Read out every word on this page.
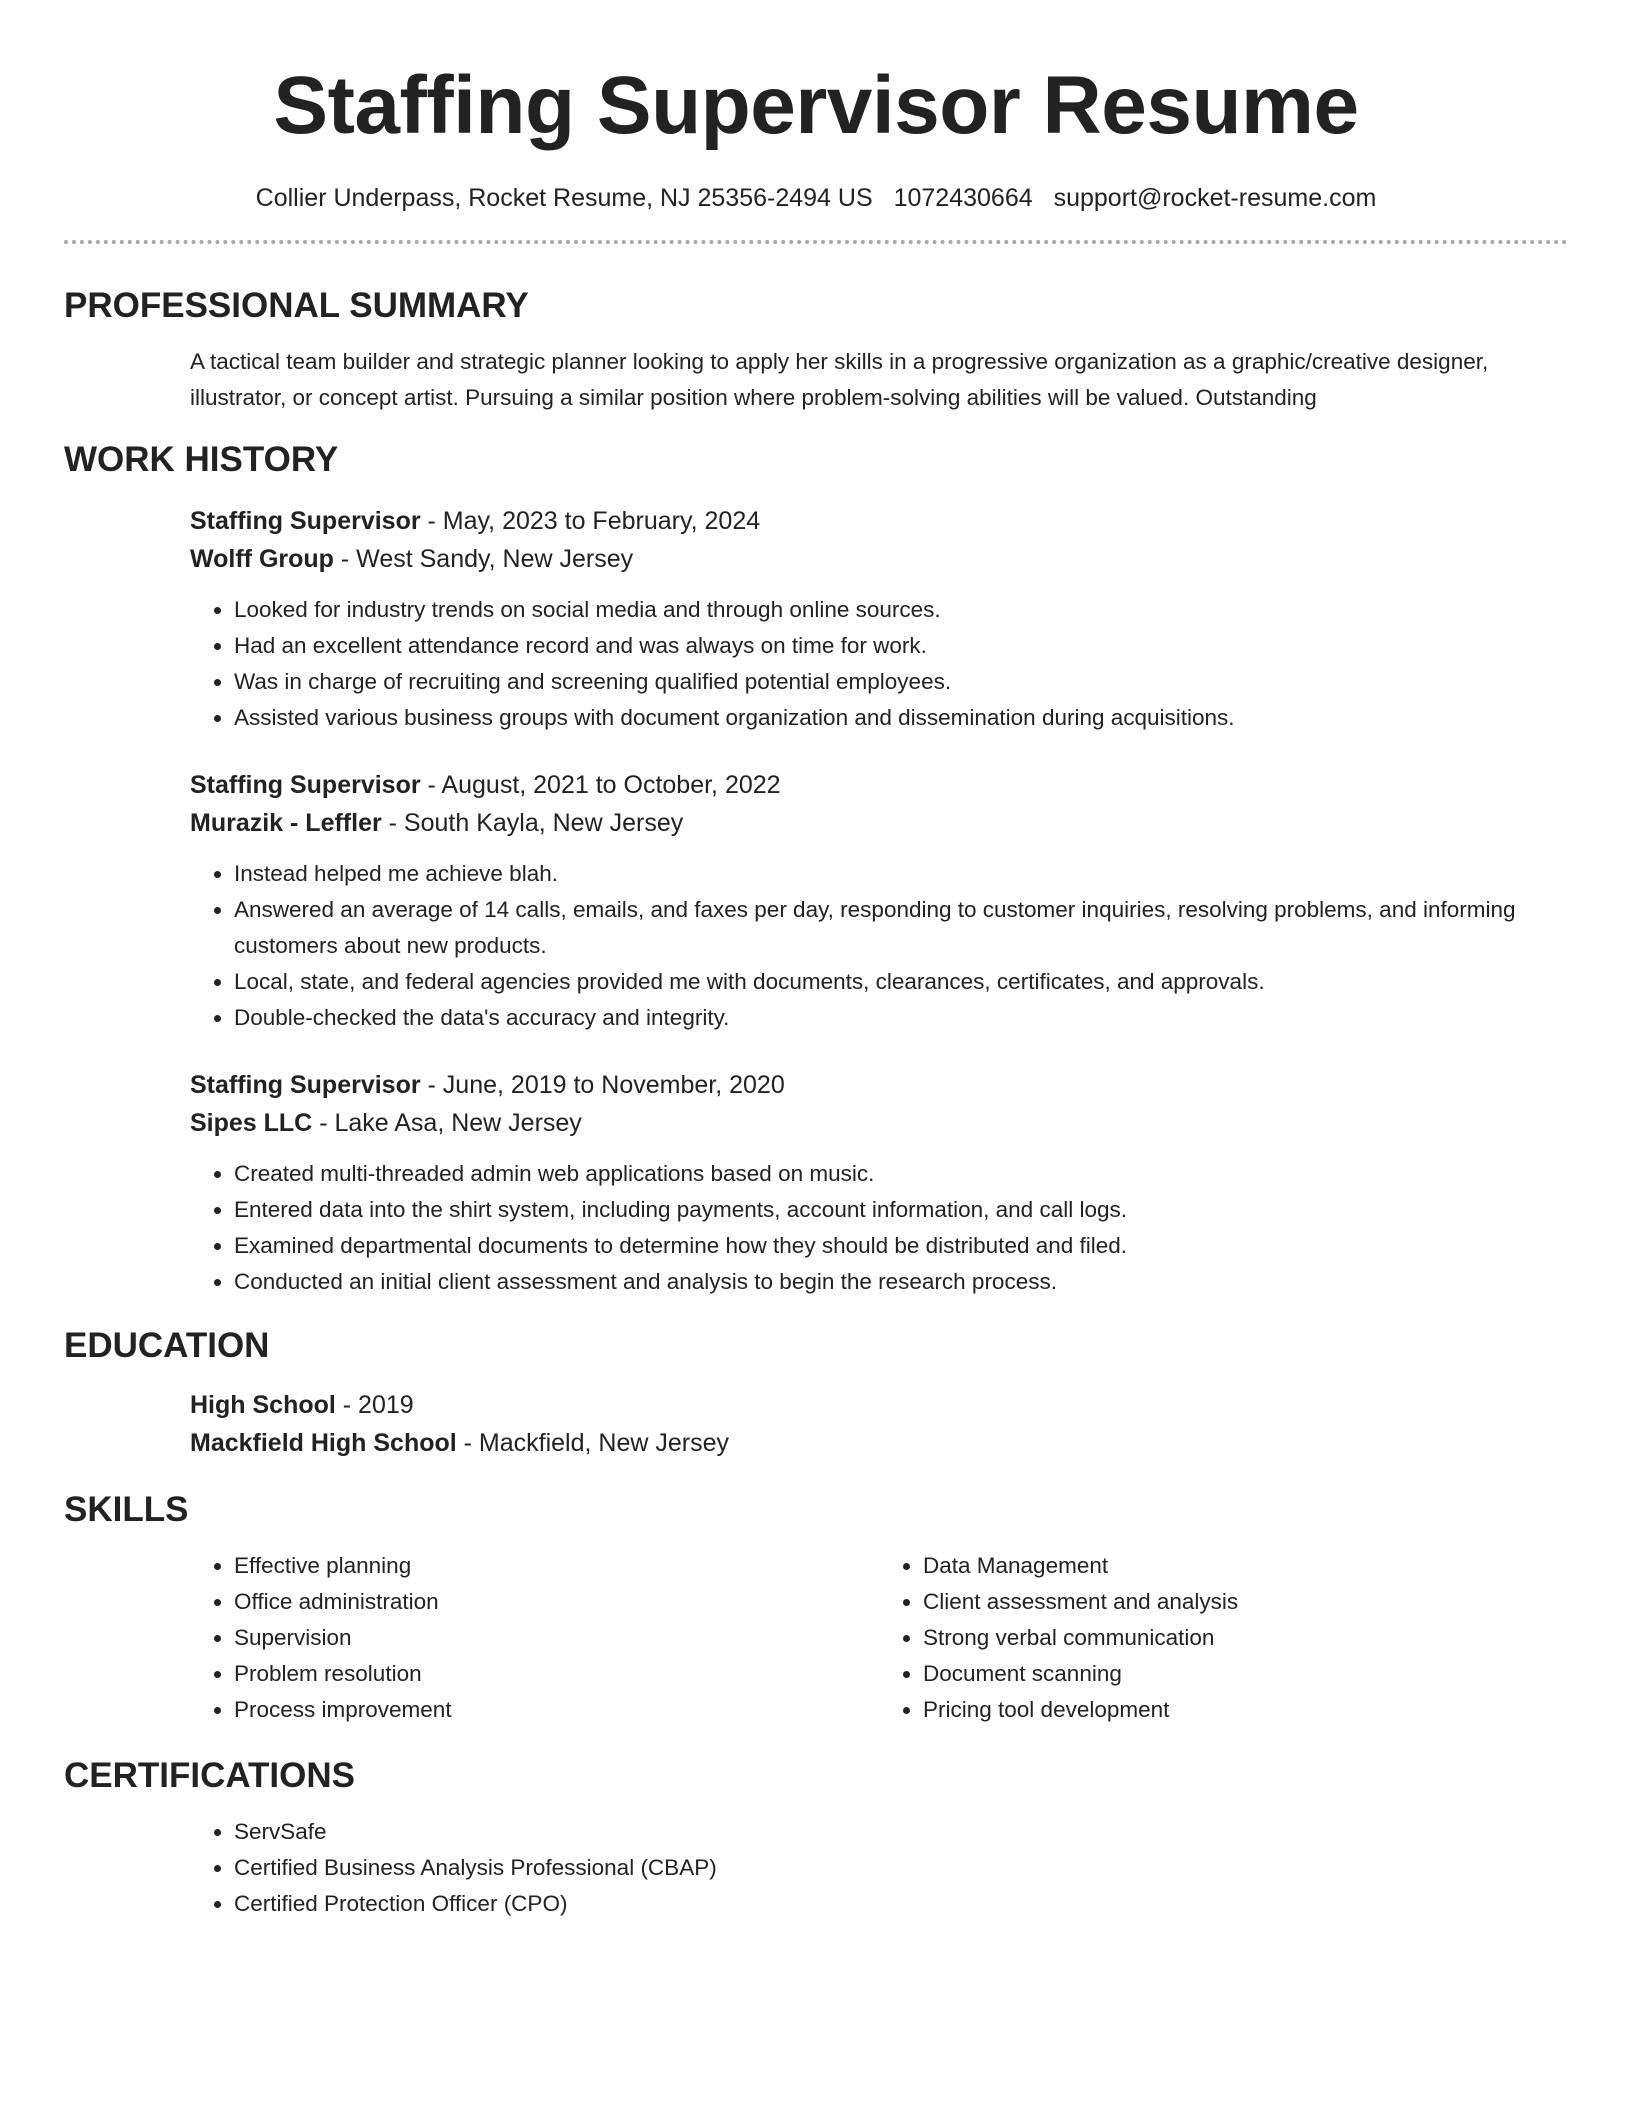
Staffing Supervisor Resume
Collier Underpass, Rocket Resume, NJ 25356-2494 US 1072430664 support@rocket-resume.com
PROFESSIONAL SUMMARY
A tactical team builder and strategic planner looking to apply her skills in a progressive organization as a graphic/creative designer, illustrator, or concept artist. Pursuing a similar position where problem-solving abilities will be valued. Outstanding
WORK HISTORY
Staffing Supervisor - May, 2023 to February, 2024
Wolff Group - West Sandy, New Jersey
• Looked for industry trends on social media and through online sources.
• Had an excellent attendance record and was always on time for work.
• Was in charge of recruiting and screening qualified potential employees.
• Assisted various business groups with document organization and dissemination during acquisitions.
Staffing Supervisor - August, 2021 to October, 2022
Murazik - Leffler - South Kayla, New Jersey
• Instead helped me achieve blah.
• Answered an average of 14 calls, emails, and faxes per day, responding to customer inquiries, resolving problems, and informing customers about new products.
• Local, state, and federal agencies provided me with documents, clearances, certificates, and approvals.
• Double-checked the data's accuracy and integrity.
Staffing Supervisor - June, 2019 to November, 2020
Sipes LLC - Lake Asa, New Jersey
• Created multi-threaded admin web applications based on music.
• Entered data into the shirt system, including payments, account information, and call logs.
• Examined departmental documents to determine how they should be distributed and filed.
• Conducted an initial client assessment and analysis to begin the research process.
EDUCATION
High School - 2019
Mackfield High School - Mackfield, New Jersey
SKILLS
• Effective planning
• Office administration
• Supervision
• Problem resolution
• Process improvement
• Data Management
• Client assessment and analysis
• Strong verbal communication
• Document scanning
• Pricing tool development
CERTIFICATIONS
• ServSafe
• Certified Business Analysis Professional (CBAP)
• Certified Protection Officer (CPO)
